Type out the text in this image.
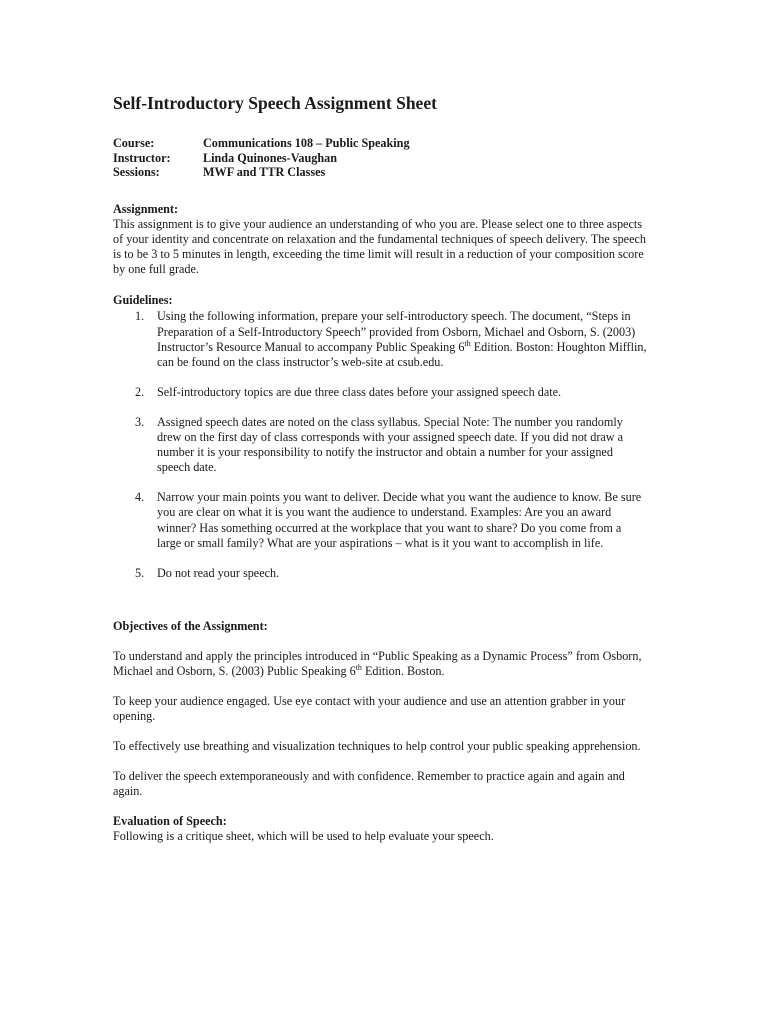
Self-Introductory Speech Assignment Sheet
Course:	Communications 108 – Public Speaking
Instructor:	Linda Quinones-Vaughan
Sessions:	MWF and TTR Classes
Assignment:

This assignment is to give your audience an understanding of who you are. Please select one to three aspects of your identity and concentrate on relaxation and the fundamental techniques of speech delivery. The speech is to be 3 to 5 minutes in length, exceeding the time limit will result in a reduction of your composition score by one full grade.

Guidelines:
1.	Using the following information, prepare your self-introductory speech. The document, “Steps in Preparation of a Self-Introductory Speech” provided from Osborn, Michael and Osborn, S. (2003) Instructor’s Resource Manual to accompany Public Speaking 6th Edition. Boston: Houghton Mifflin, can be found on the class instructor’s web-site at csub.edu.
2.	Self-introductory topics are due three class dates before your assigned speech date.
3.	Assigned speech dates are noted on the class syllabus. Special Note: The number you randomly drew on the first day of class corresponds with your assigned speech date. If you did not draw a number it is your responsibility to notify the instructor and obtain a number for your assigned speech date.
4.	Narrow your main points you want to deliver. Decide what you want the audience to know. Be sure you are clear on what it is you want the audience to understand. Examples: Are you an award winner? Has something occurred at the workplace that you want to share? Do you come from a large or small family? What are your aspirations – what is it you want to accomplish in life.
5.	Do not read your speech.
Objectives of the Assignment:

To understand and apply the principles introduced in “Public Speaking as a Dynamic Process” from Osborn, Michael and Osborn, S. (2003) Public Speaking 6th Edition. Boston.

To keep your audience engaged. Use eye contact with your audience and use an attention grabber in your opening.

To effectively use breathing and visualization techniques to help control your public speaking apprehension.

To deliver the speech extemporaneously and with confidence. Remember to practice again and again and again.

Evaluation of Speech:

Following is a critique sheet, which will be used to help evaluate your speech.
